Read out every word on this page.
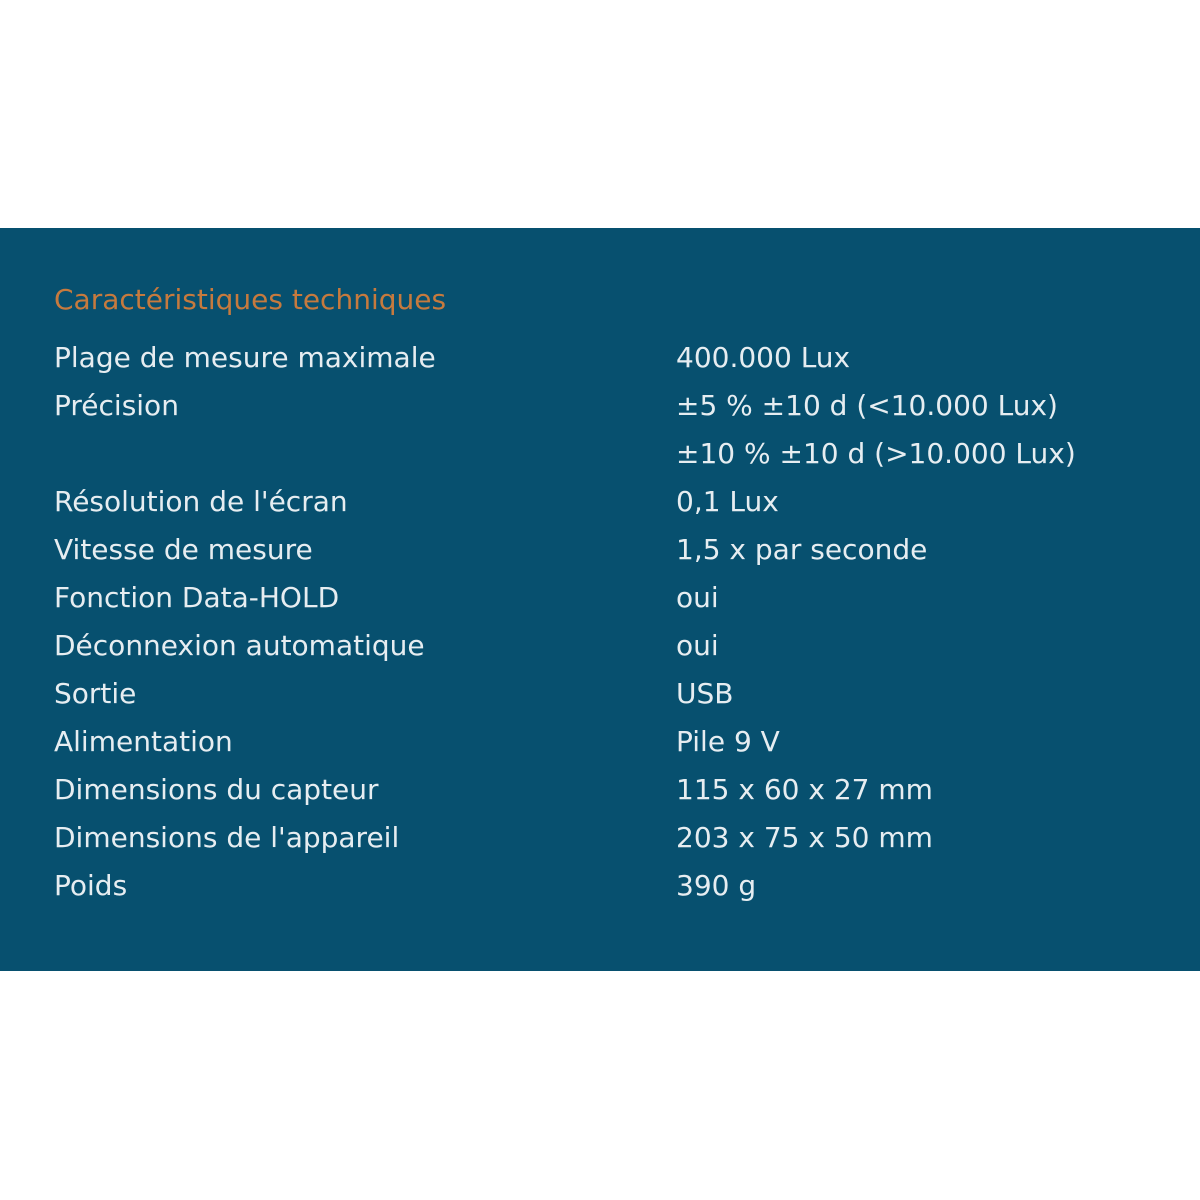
Caractéristiques techniques
Plage de mesure maximale	400.000 Lux
Précision	±5 % ±10 d (<10.000 Lux)
±10 % ±10 d (>10.000 Lux)
Résolution de l'écran	0,1 Lux
Vitesse de mesure	1,5 x par seconde
Fonction Data-HOLD	oui
Déconnexion automatique	oui
Sortie	USB
Alimentation	Pile 9 V
Dimensions du capteur	115 x 60 x 27 mm
Dimensions de l'appareil	203 x 75 x 50 mm
Poids	390 g
